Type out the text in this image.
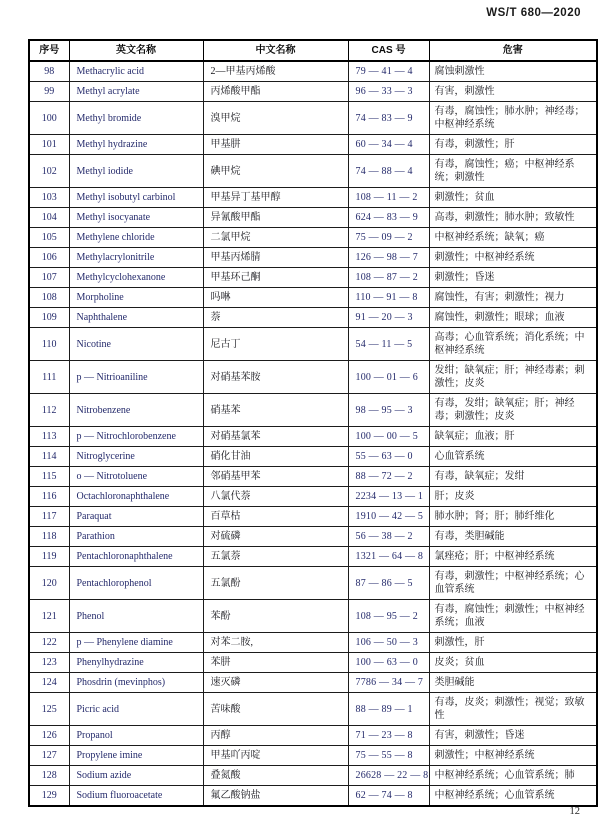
WS/T 680—2020
序号	英文名称	中文名称	CAS 号	危害
98	Methacrylic acid	2—甲基丙烯酸	79 — 41 — 4	腐蚀刺激性
99	Methyl acrylate	丙烯酸甲酯	96 — 33 — 3	有害，刺激性
100	Methyl bromide	溴甲烷	74 — 83 — 9	有毒，腐蚀性；肺水肿；神经毒；中枢神经系统
101	Methyl hydrazine	甲基肼	60 — 34 — 4	有毒，刺激性；肝
102	Methyl iodide	碘甲烷	74 — 88 — 4	有毒，腐蚀性；癌；中枢神经系统；刺激性
103	Methyl isobutyl carbinol	甲基异丁基甲醇	108 — 11 — 2	刺激性；贫血
104	Methyl isocyanate	异氰酸甲酯	624 — 83 — 9	高毒，刺激性；肺水肿；致敏性
105	Methylene chloride	二氯甲烷	75 — 09 — 2	中枢神经系统；缺氧；癌
106	Methylacrylonitrile	甲基丙烯腈	126 — 98 — 7	刺激性；中枢神经系统
107	Methylcyclohexanone	甲基环己酮	108 — 87 — 2	刺激性；昏迷
108	Morpholine	吗啉	110 — 91 — 8	腐蚀性，有害；刺激性；视力
109	Naphthalene	萘	91 — 20 — 3	腐蚀性，刺激性；眼球；血液
110	Nicotine	尼古丁	54 — 11 — 5	高毒；心血管系统；消化系统；中枢神经系统
111	p — Nitrioaniline	对硝基苯胺	100 — 01 — 6	发绀；缺氧症；肝；神经毒素；刺激性；皮炎
112	Nitrobenzene	硝基苯	98 — 95 — 3	有毒，发绀；缺氧症；肝；神经毒；刺激性；皮炎
113	p — Nitrochlorobenzene	对硝基氯苯	100 — 00 — 5	缺氧症；血液；肝
114	Nitroglycerine	硝化甘油	55 — 63 — 0	心血管系统
115	o — Nitrotoluene	邻硝基甲苯	88 — 72 — 2	有毒，缺氧症；发绀
116	Octachloronaphthalene	八氯代萘	2234 — 13 — 1	肝；皮炎
117	Paraquat	百草枯	1910 — 42 — 5	肺水肿；肾；肝；肺纤维化
118	Parathion	对硫磷	56 — 38 — 2	有毒，类胆碱能
119	Pentachloronaphthalene	五氯萘	1321 — 64 — 8	氯痤疮；肝；中枢神经系统
120	Pentachlorophenol	五氯酚	87 — 86 — 5	有毒，刺激性；中枢神经系统；心血管系统
121	Phenol	苯酚	108 — 95 — 2	有毒，腐蚀性；刺激性；中枢神经系统；血液
122	p — Phenylene diamine	对苯二胺,	106 — 50 — 3	刺激性，肝
123	Phenylhydrazine	苯肼	100 — 63 — 0	皮炎；贫血
124	Phosdrin (mevinphos)	速灭磷	7786 — 34 — 7	类胆碱能
125	Picric acid	苦味酸	88 — 89 — 1	有毒，皮炎；刺激性；视觉；致敏性
126	Propanol	丙醇	71 — 23 — 8	有害，刺激性；昏迷
127	Propylene imine	甲基吖丙啶	75 — 55 — 8	刺激性；中枢神经系统
128	Sodium azide	叠氮酸	26628 — 22 — 8	中枢神经系统；心血管系统；肺
129	Sodium fluoroacetate	氟乙酸钠盐	62 — 74 — 8	中枢神经系统；心血管系统
12
